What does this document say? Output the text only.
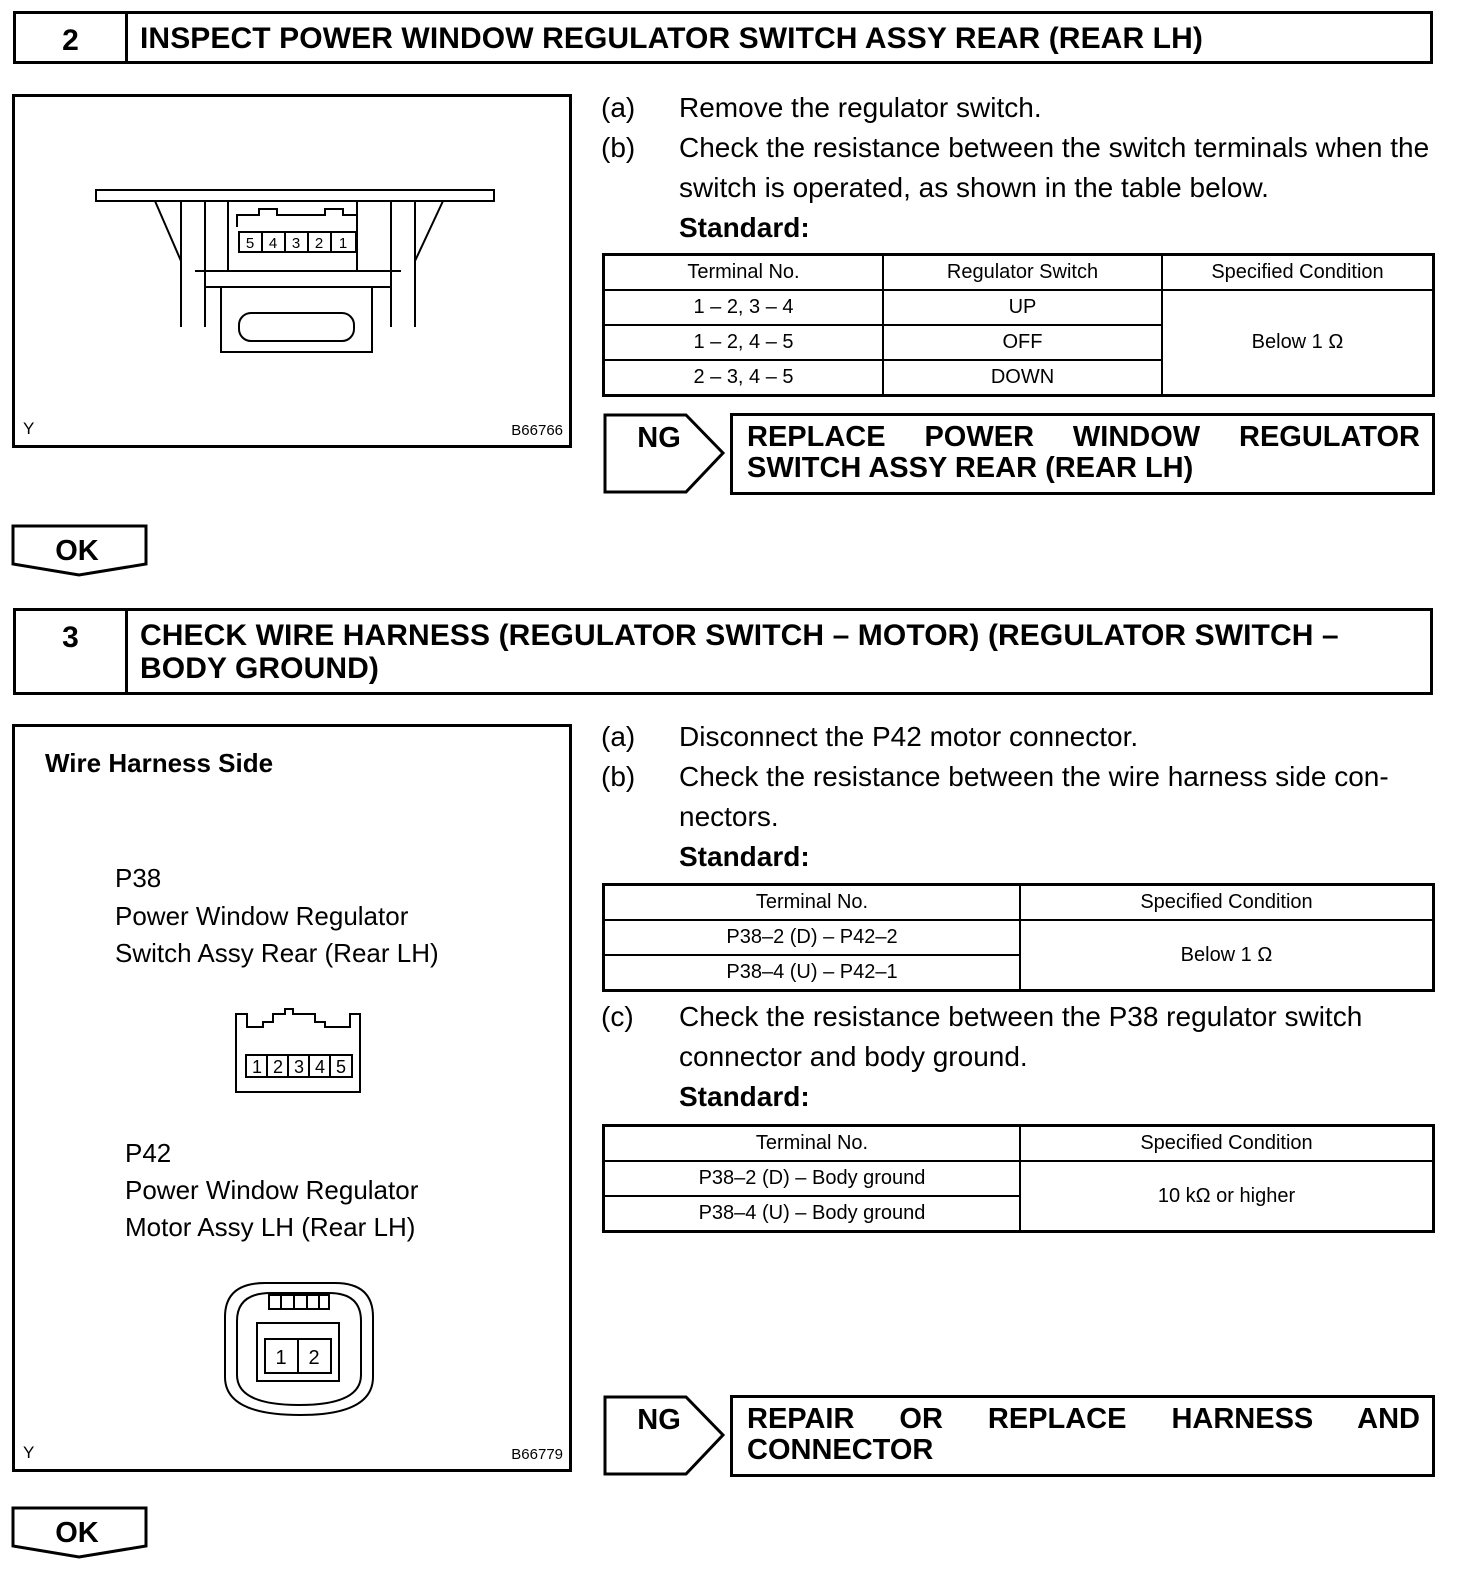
2	INSPECT POWER WINDOW REGULATOR SWITCH ASSY REAR (REAR LH)
5 4 3 2 1
Y	B66766
(a)	Remove the regulator switch.
(b)	Check the resistance between the switch terminals when the switch is operated, as shown in the table below.
Standard:
Terminal No.	Regulator Switch	Specified Condition
1 – 2, 3 – 4	UP	Below 1 Ω
1 – 2, 4 – 5	OFF	
2 – 3, 4 – 5	DOWN	
NG	REPLACE POWER WINDOW REGULATOR SWITCH ASSY REAR (REAR LH)
OK
3	CHECK WIRE HARNESS (REGULATOR SWITCH – MOTOR) (REGULATOR SWITCH – BODY GROUND)
Wire Harness Side
P38
Power Window Regulator
Switch Assy Rear (Rear LH)
P42
Power Window Regulator
Motor Assy LH (Rear LH)
1 2 3 4 5
1 2
Y	B66779
(a)	Disconnect the P42 motor connector.
(b)	Check the resistance between the wire harness side con-nectors.
Standard:
Terminal No.	Specified Condition
P38–2 (D) – P42–2	Below 1 Ω
P38–4 (U) – P42–1	
(c)	Check the resistance between the P38 regulator switch connector and body ground.
Standard:
Terminal No.	Specified Condition
P38–2 (D) – Body ground	10 kΩ or higher
P38–4 (U) – Body ground	
NG	REPAIR OR REPLACE HARNESS AND CONNECTOR
OK
